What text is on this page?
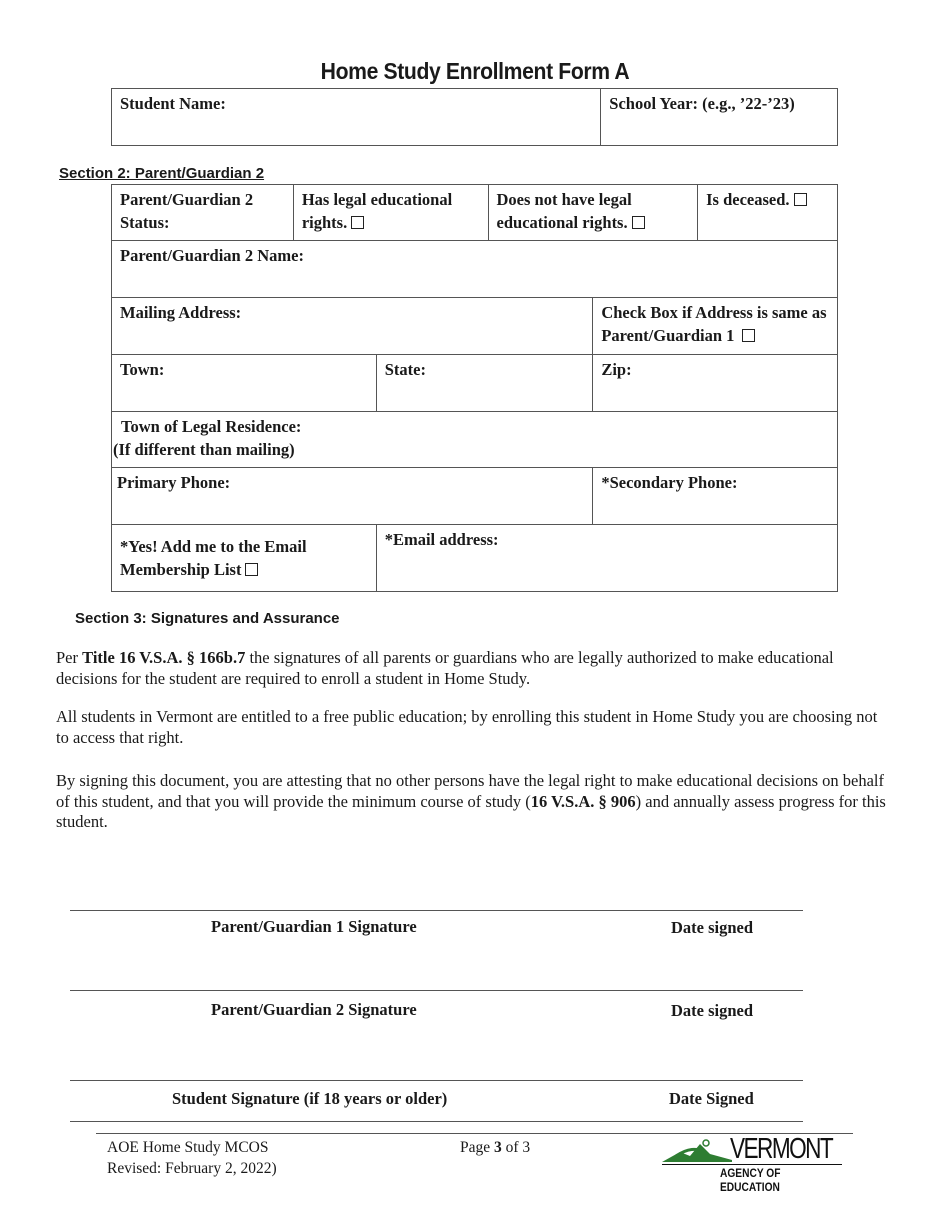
Home Study Enrollment Form A
Student Name:	School Year: (e.g., ’22-’23)
Section 2: Parent/Guardian 2
Parent/Guardian 2 Status:	Has legal educational rights.		Does not have legal educational rights.		Is deceased.
Parent/Guardian 2 Name:					
Mailing Address:				Check Box if Address is same as Parent/Guardian 1	
Town:		State:		Zip:	

Town of Legal Residence:
(If different than mailing)					

Primary Phone:				*Secondary Phone:	
*Yes! Add me to the Email Membership List		*Email address:			
Section 3: Signatures and Assurance
Per Title 16 V.S.A. § 166b.7 the signatures of all parents or guardians who are legally authorized to make educational decisions for the student are required to enroll a student in Home Study.
All students in Vermont are entitled to a free public education; by enrolling this student in Home Study you are choosing not to access that right.
By signing this document, you are attesting that no other persons have the legal right to make educational decisions on behalf of this student, and that you will provide the minimum course of study (16 V.S.A. § 906) and annually assess progress for this student.
Parent/Guardian 1 Signature	Date signed
Parent/Guardian 2 Signature	Date signed
Student Signature (if 18 years or older)	Date Signed
AOE Home Study MCOS
Revised: February 2, 2022)
Page 3 of 3	VERMONT
AGENCY OF EDUCATION
